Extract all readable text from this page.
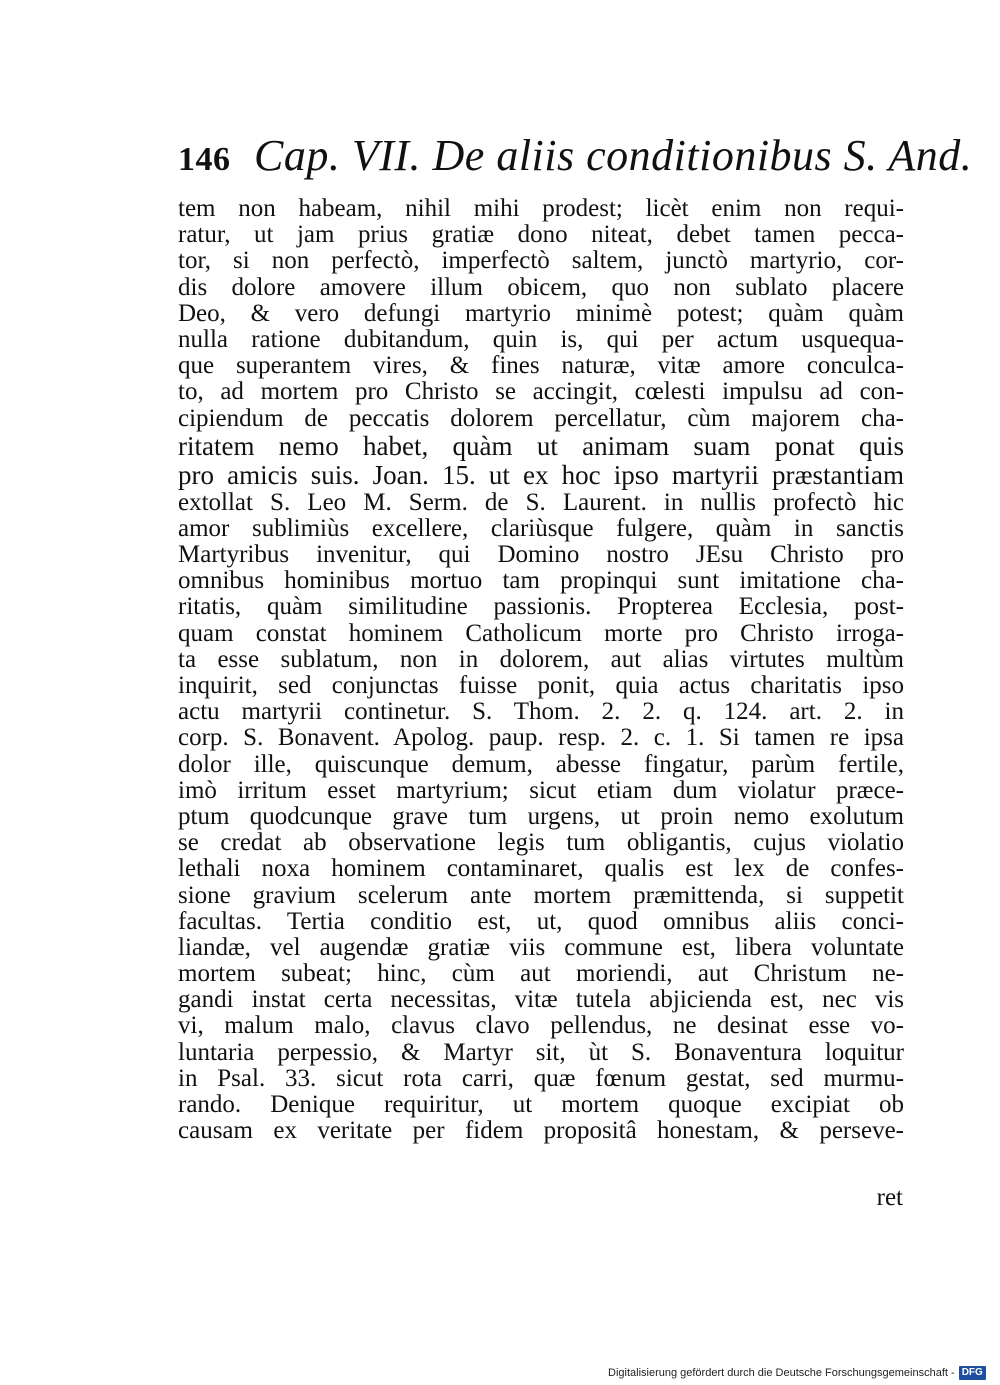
146 Cap. VII. De aliis conditionibus S. And.
tem non habeam, nihil mihi prodest; licèt enim non requi-
ratur, ut jam prius gratiæ dono niteat, debet tamen pecca-
tor, si non perfectò, imperfectò saltem, junctò martyrio, cor-
dis dolore amovere illum obicem, quo non sublato placere
Deo, & vero defungi martyrio minimè potest; quàm quàm
nulla ratione dubitandum, quin is, qui per actum usquequa-
que superantem vires, & fines naturæ, vitæ amore conculca-
to, ad mortem pro Christo se accingit, cœlesti impulsu ad con-
cipiendum de peccatis dolorem percellatur, cùm majorem cha-
ritatem nemo habet, quàm ut animam suam ponat quis
pro amicis suis. Joan. 15. ut ex hoc ipso martyrii præstantiam
extollat S. Leo M. Serm. de S. Laurent. in nullis profectò hic
amor sublimiùs excellere, clariùsque fulgere, quàm in sanctis
Martyribus invenitur, qui Domino nostro JEsu Christo pro
omnibus hominibus mortuo tam propinqui sunt imitatione cha-
ritatis, quàm similitudine passionis. Propterea Ecclesia, post-
quam constat hominem Catholicum morte pro Christo irroga-
ta esse sublatum, non in dolorem, aut alias virtutes multùm
inquirit, sed conjunctas fuisse ponit, quia actus charitatis ipso
actu martyrii continetur. S. Thom. 2. 2. q. 124. art. 2. in
corp. S. Bonavent. Apolog. paup. resp. 2. c. 1. Si tamen re ipsa
dolor ille, quiscunque demum, abesse fingatur, parùm fertile,
imò irritum esset martyrium; sicut etiam dum violatur præce-
ptum quodcunque grave tum urgens, ut proin nemo exolutum
se credat ab observatione legis tum obligantis, cujus violatio
lethali noxa hominem contaminaret, qualis est lex de confes-
sione gravium scelerum ante mortem præmittenda, si suppetit
facultas. Tertia conditio est, ut, quod omnibus aliis conci-
liandæ, vel augendæ gratiæ viis commune est, libera voluntate
mortem subeat; hinc, cùm aut moriendi, aut Christum ne-
gandi instat certa necessitas, vitæ tutela abjicienda est, nec vis
vi, malum malo, clavus clavo pellendus, ne desinat esse vo-
luntaria perpessio, & Martyr sit, ùt S. Bonaventura loquitur
in Psal. 33. sicut rota carri, quæ fœnum gestat, sed murmu-
rando. Denique requiritur, ut mortem quoque excipiat ob
causam ex veritate per fidem propositâ honestam, & perseve-
ret
Digitalisierung gefördert durch die Deutsche Forschungsgemeinschaft - DFG
